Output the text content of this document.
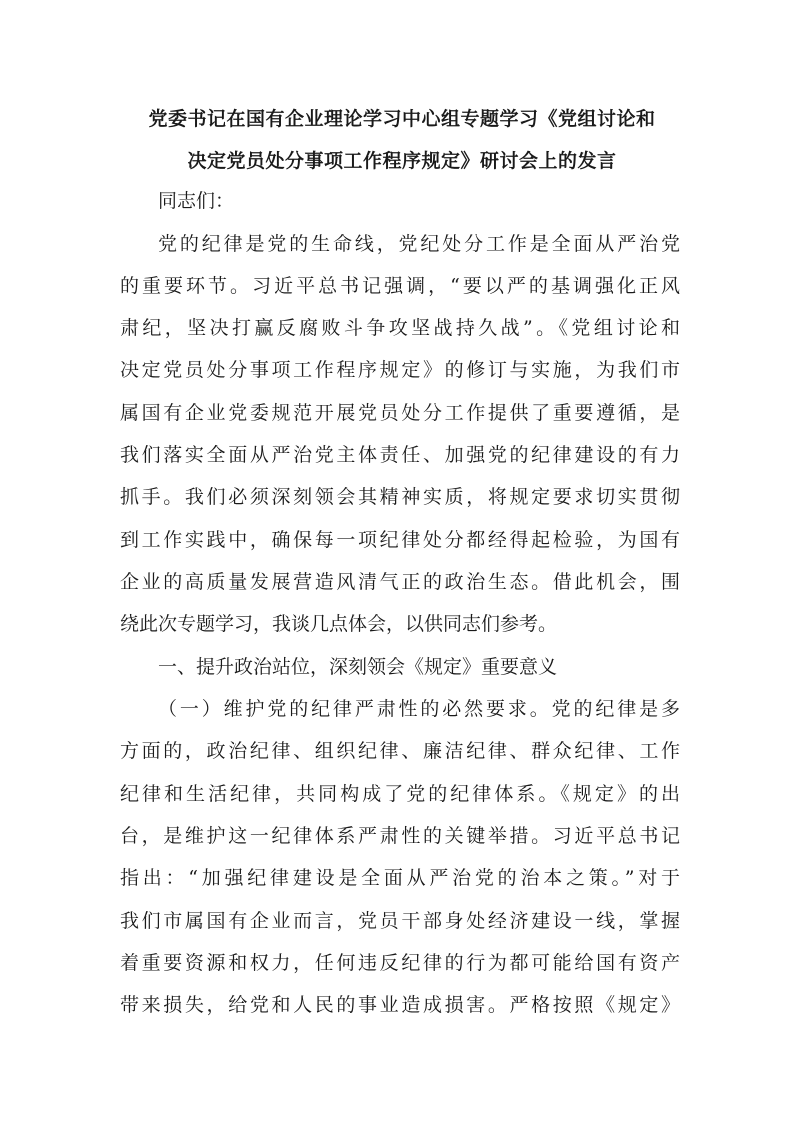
党委书记在国有企业理论学习中心组专题学习《党组讨论和
决定党员处分事项工作程序规定》研讨会上的发言
同志们：
党的纪律是党的生命线，党纪处分工作是全面从严治党
的重要环节。习近平总书记强调，“要以严的基调强化正风
肃纪，坚决打赢反腐败斗争攻坚战持久战”。《党组讨论和
决定党员处分事项工作程序规定》的修订与实施，为我们市
属国有企业党委规范开展党员处分工作提供了重要遵循，是
我们落实全面从严治党主体责任、加强党的纪律建设的有力
抓手。我们必须深刻领会其精神实质，将规定要求切实贯彻
到工作实践中，确保每一项纪律处分都经得起检验，为国有
企业的高质量发展营造风清气正的政治生态。借此机会，围
绕此次专题学习，我谈几点体会，以供同志们参考。
一、提升政治站位，深刻领会《规定》重要意义
（一）维护党的纪律严肃性的必然要求。党的纪律是多
方面的，政治纪律、组织纪律、廉洁纪律、群众纪律、工作
纪律和生活纪律，共同构成了党的纪律体系。《规定》的出
台，是维护这一纪律体系严肃性的关键举措。习近平总书记
指出：“加强纪律建设是全面从严治党的治本之策。”对于
我们市属国有企业而言，党员干部身处经济建设一线，掌握
着重要资源和权力，任何违反纪律的行为都可能给国有资产
带来损失，给党和人民的事业造成损害。严格按照《规定》
